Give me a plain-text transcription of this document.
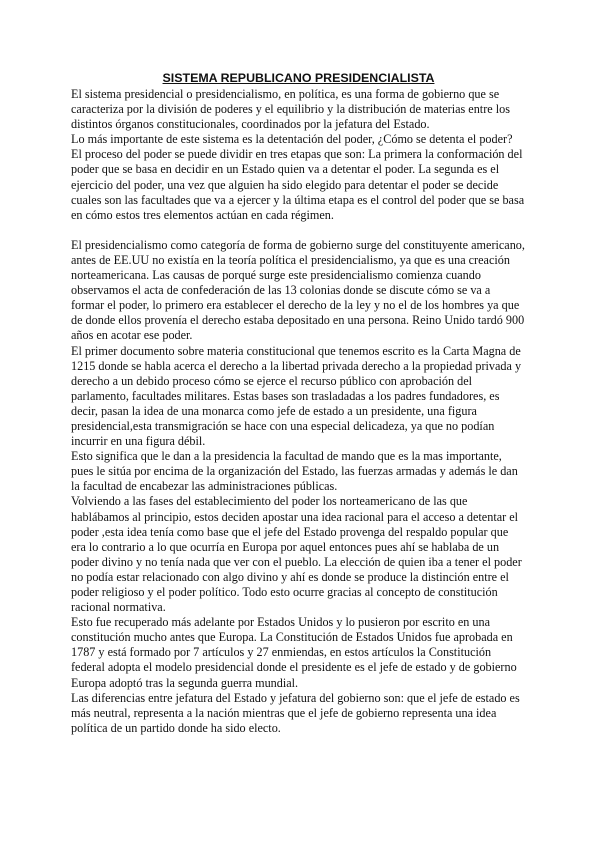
SISTEMA REPUBLICANO PRESIDENCIALISTA

El sistema presidencial o presidencialismo, en política, es una forma de gobierno que se caracteriza por la división de poderes y el equilibrio y la distribución de materias entre los distintos órganos constitucionales, coordinados por la jefatura del Estado.

Lo más importante de este sistema es la detentación del poder, ¿Cómo se detenta el poder?

El proceso del poder se puede dividir en tres etapas que son: La primera la conformación del poder que se basa en decidir en un Estado quien va a detentar el poder. La segunda es el ejercicio del poder, una vez que alguien ha sido elegido para detentar el poder se decide cuales son las facultades que va a ejercer y la última etapa es el control del poder que se basa en cómo estos tres elementos actúan en cada régimen.

El presidencialismo como categoría de forma de gobierno surge del constituyente americano, antes de EE.UU no existía en la teoría política el presidencialismo, ya que es una creación norteamericana. Las causas de porqué surge este presidencialismo comienza cuando observamos el acta de confederación de las 13 colonias donde se discute cómo se va a formar el poder, lo primero era establecer el derecho de la ley y no el de los hombres ya que de donde ellos provenía el derecho estaba depositado en una persona. Reino Unido tardó 900 años en acotar ese poder.

El primer documento sobre materia constitucional que tenemos escrito es la Carta Magna de 1215 donde se habla acerca el derecho a la libertad privada derecho a la propiedad privada y derecho a un debido proceso cómo se ejerce el recurso público con aprobación del parlamento, facultades militares. Estas bases son trasladadas a los padres fundadores, es decir, pasan la idea de una monarca como jefe de estado a un presidente, una figura presidencial,esta transmigración se hace con una especial delicadeza, ya que no podían incurrir en una figura débil.

Esto significa que le dan a la presidencia la facultad de mando que es la mas importante, pues le sitúa por encima de la organización del Estado, las fuerzas armadas y además le dan la facultad de encabezar las administraciones públicas.

Volviendo a las fases del establecimiento del poder los norteamericano de las que hablábamos al principio, estos deciden apostar una idea racional para el acceso a detentar el poder ,esta idea tenía como base que el jefe del Estado provenga del respaldo popular que era lo contrario a lo que ocurría en Europa por aquel entonces pues ahí se hablaba de un poder divino y no tenía nada que ver con el pueblo. La elección de quien iba a tener el poder no podía estar relacionado con algo divino y ahí es donde se produce la distinción entre el poder religioso y el poder político. Todo esto ocurre gracias al concepto de constitución racional normativa.

Esto fue recuperado más adelante por Estados Unidos y lo pusieron por escrito en una constitución mucho antes que Europa. La Constitución de Estados Unidos fue aprobada en 1787 y está formado por 7 artículos y 27 enmiendas, en estos artículos la Constitución federal adopta el modelo presidencial donde el presidente es el jefe de estado y de gobierno Europa adoptó tras la segunda guerra mundial.

Las diferencias entre jefatura del Estado y jefatura del gobierno son: que el jefe de estado es más neutral, representa a la nación mientras que el jefe de gobierno representa una idea política de un partido donde ha sido electo.
